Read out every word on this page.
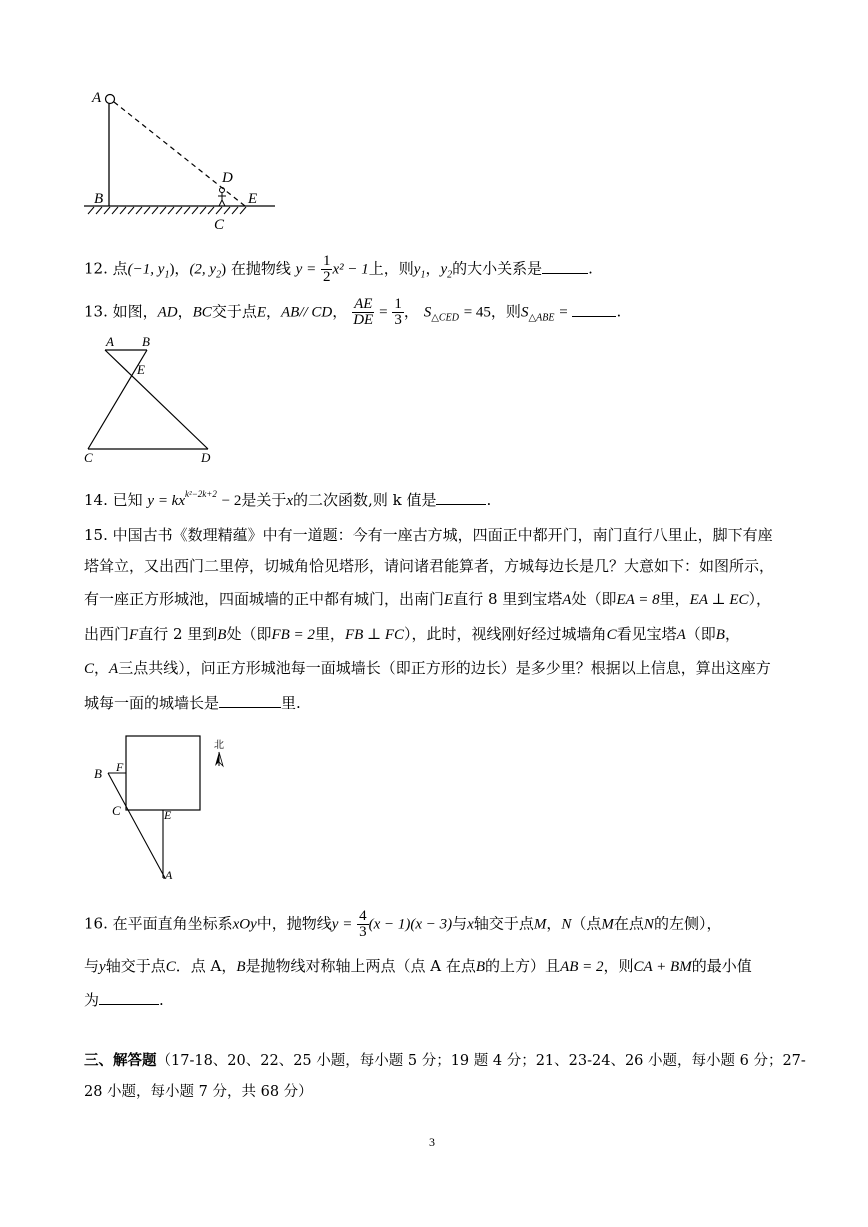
A
B
D
E
C
12. 点(−1, $y_1$)，(2, $y_2$) 在抛物线 $y = \frac{1}{2} x^2 - 1$上，则$y_1$，$y_2$的大小关系是	.
13. 如图，AD，BC交于点E，AB// CD， $\frac{AE}{DE} = \frac{1}{3}$ ， $S_{\triangle CED} = 45$，则$S_{\triangle ABE}$ =	.
A B
E
C	D
14. 已知 $y = kx^{k^2-2k+2} - 2$是关于x的二次函数,则 k 值是	.
15. 中国古书《数理精蕴》中有一道题：今有一座古方城，四面正中都开门，南门直行八里止，脚下有座
塔耸立，又出西门二里停，切城角恰见塔形，请问诸君能算者，方城每边长是几？大意如下：如图所示，
有一座正方形城池，四面城墙的正中都有城门，出南门E直行 8 里到宝塔A处（即EA = 8里，EA ⊥ EC），
出西门F直行 2 里到B处（即FB = 2里，FB ⊥ FC），此时，视线刚好经过城墙角C看见宝塔A（即B，
C，A三点共线），问正方形城池每一面城墙长（即正方形的边长）是多少里？根据以上信息，算出这座方
城每一面的城墙长是	里.
B F
C	E
A
北
16. 在平面直角坐标系xOy中，抛物线$y = \frac{4}{3} (x - 1)(x - 3)$与x轴交于点M，N（点M在点N的左侧），
与y轴交于点C．点 A，B是抛物线对称轴上两点（点 A 在点B的上方）且AB = 2，则CA + BM的最小值
为	.
三、解答题（17-18、20、22、25 小题，每小题 5 分；19 题 4 分；21、23-24、26 小题，每小题 6 分；27-
28 小题，每小题 7 分，共 68 分）
3
